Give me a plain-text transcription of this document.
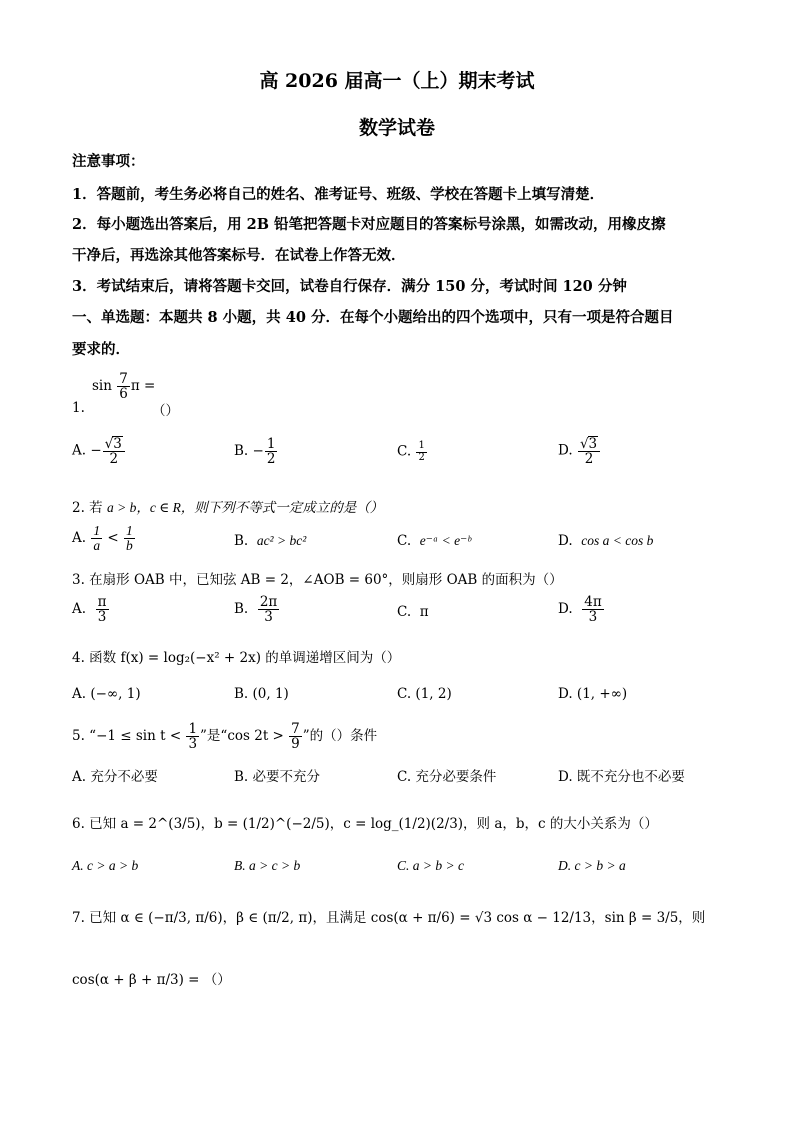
高 2026 届高一（上）期末考试
数学试卷
注意事项：
1．答题前，考生务必将自己的姓名、准考证号、班级、学校在答题卡上填写清楚．
2．每小题选出答案后，用 2B 铅笔把答题卡对应题目的答案标号涂黑，如需改动，用橡皮擦
干净后，再选涂其他答案标号．在试卷上作答无效．
3．考试结束后，请将答题卡交回，试卷自行保存．满分 150 分，考试时间 120 分钟
一、单选题：本题共 8 小题，共 40 分．在每个小题给出的四个选项中，只有一项是符合题目
要求的．
$\sin \frac{7}{6}$ π =
1.	（）
A. − $\frac{√3}{2}$	B. − $\frac{1}{2}$	C. $\frac{1}{2}$	D. $\frac{√3}{2}$
2. 若 a > b，c ∈ R，则下列不等式一定成立的是（）
A. $\frac{1}{a} < \frac{1}{b}$	B. ac² > bc²	C. e⁻ᵃ < e⁻ᵇ	D. cos a < cos b
3. 在扇形 OAB 中，已知弦 AB = 2，∠AOB = 60°，则扇形 OAB 的面积为（）
A. $\frac{\pi}{3}$	B. $\frac{2\pi}{3}$	C. π	D. $\frac{4\pi}{3}$
4. 函数 f(x) = log₂(−x² + 2x) 的单调递增区间为（）
A. (−∞, 1)	B. (0, 1)	C. (1, 2)	D. (1, +∞)
5. “$-1 \le \sin t < \frac{1}{3}$ ”是“cos $2t > \frac{7}{9}$ ”的（）条件
A. 充分不必要	B. 必要不充分	C. 充分必要条件	D. 既不充分也不必要
6. 已知 a = 2^(3/5)，b = (1/2)^(−2/5)，c = log_(1/2)(2/3)，则 a，b，c 的大小关系为（）
A. c > a > b	B. a > c > b	C. a > b > c	D. c > b > a
7. 已知 α ∈ (−π/3, π/6)，β ∈ (π/2, π)，且满足 cos(α + π/6) = √3 cos α − 12/13，sin β = 3/5，则
cos(α + β + π/3) = （）
